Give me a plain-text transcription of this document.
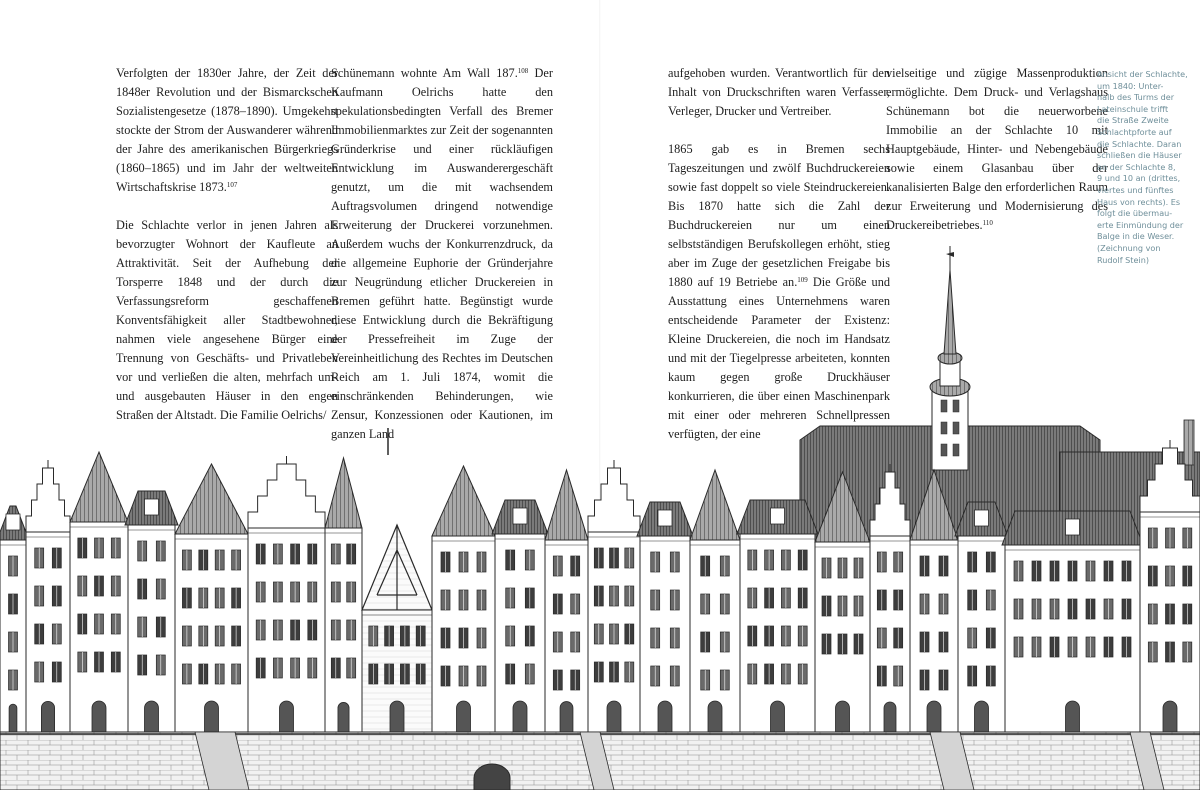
Verfolgten der 1830er Jahre, der Zeit der 1848er Revolution und der Bismarckschen Sozialistengesetze (1878–1890). Umgekehrt stockte der Strom der Auswanderer während der Jahre des amerikanischen Bürgerkriegs (1860–1865) und im Jahr der weltweiten Wirtschaftskrise 1873.$^{107}$

Die Schlachte verlor in jenen Jahren als bevorzugter Wohnort der Kaufleute an Attraktivität. Seit der Aufhebung der Torsperre 1848 und der durch die Verfassungsreform geschaffenen Konventsfähigkeit aller Stadtbewohner, nahmen viele angesehene Bürger eine Trennung von Geschäfts- und Privatleben vor und verließen die alten, mehrfach um- und ausgebauten Häuser in den engen Straßen der Altstadt. Die Familie Oelrichs/

Schünemann wohnte Am Wall 187.$^{108}$ Der Kaufmann Oelrichs hatte den spekulationsbedingten Verfall des Bremer Immobilienmarktes zur Zeit der sogenannten Gründerkrise und einer rückläufigen Entwicklung im Auswanderergeschäft genutzt, um die mit wachsendem Auftragsvolumen dringend notwendige Erweiterung der Druckerei vorzunehmen. Außerdem wuchs der Konkurrenzdruck, da die allgemeine Euphorie der Gründerjahre zur Neugründung etlicher Druckereien in Bremen geführt hatte. Begünstigt wurde diese Entwicklung durch die Bekräftigung der Pressefreiheit im Zuge der Vereinheitlichung des Rechtes im Deutschen Reich am 1. Juli 1874, womit die einschränkenden Behinderungen, wie Zensur, Konzessionen oder Kautionen, im ganzen Land

aufgehoben wurden. Verantwortlich für den Inhalt von Druckschriften waren Verfasser, Verleger, Drucker und Vertreiber.

1865 gab es in Bremen sechs Tageszeitungen und zwölf Buchdruckereien sowie fast doppelt so viele Steindruckereien. Bis 1870 hatte sich die Zahl der Buchdruckereien nur um einen selbstständigen Berufskollegen erhöht, stieg aber im Zuge der gesetzlichen Freigabe bis 1880 auf 19 Betriebe an.$^{109}$ Die Größe und Ausstattung eines Unternehmens waren entscheidende Parameter der Existenz: Kleine Druckereien, die noch im Handsatz und mit der Tiegelpresse arbeiteten, konnten kaum gegen große Druckhäuser konkurrieren, die über einen Maschinenpark mit einer oder mehreren Schnellpressen verfügten, der eine

vielseitige und zügige Massenproduktion ermöglichte. Dem Druck- und Verlagshaus Schünemann bot die neuerworbene Immobilie an der Schlachte 10 mit Hauptgebäude, Hinter- und Nebengebäude sowie einem Glasanbau über der kanalisierten Balge den erforderlichen Raum zur Erweiterung und Modernisierung des Druckereibetriebes.$^{110}$

Ansicht der Schlachte,
um 1840: Unter-
halb des Turms der
Lateinschule trifft
die Straße Zweite
Schlachtpforte auf
die Schlachte. Daran
schließen die Häuser
an der Schlachte 8,
9 und 10 an (drittes,
viertes und fünftes
Haus von rechts). Es
folgt die übermau-
erte Einmündung der
Balge in die Weser.
(Zeichnung von
Rudolf Stein)
